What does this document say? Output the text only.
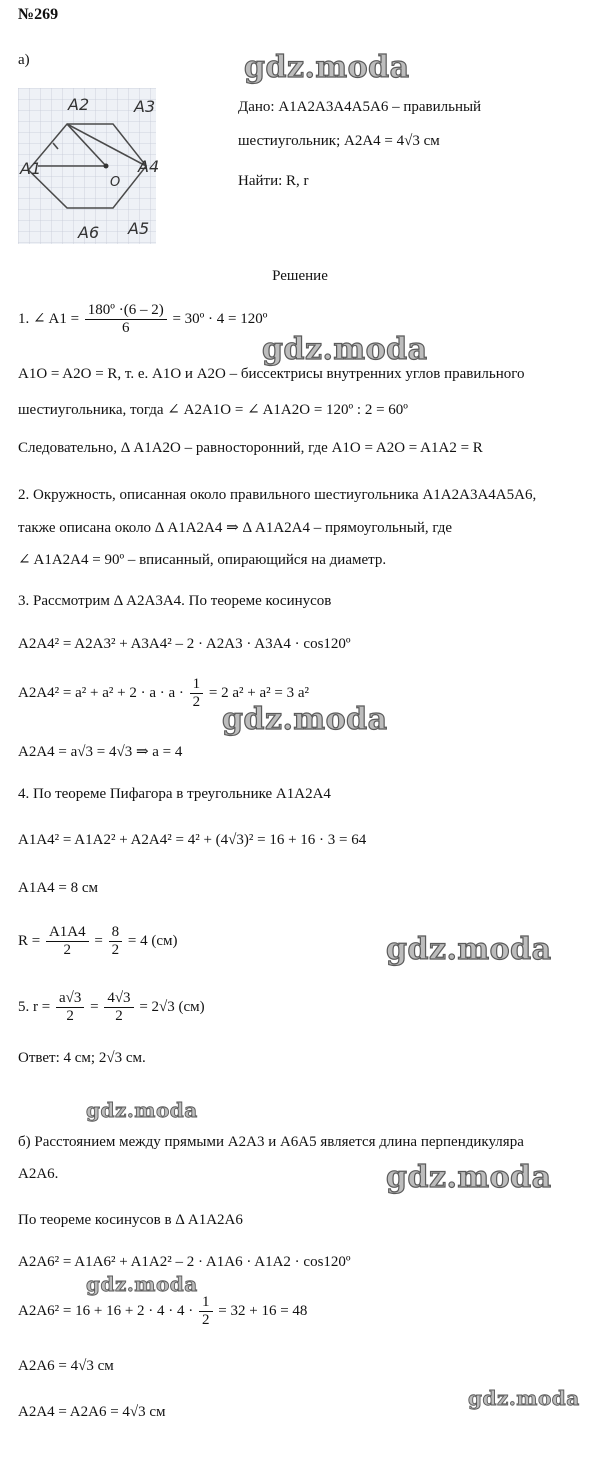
№269
а)	gdz.moda
gdz.moda
gdz.moda
gdz.moda
gdz.moda
gdz.moda
gdz.moda
gdz.moda
A2	A3
A1	A4
A6 A5
O
Дано: A1A2A3A4A5A6 – правильный
шестиугольник; A2A4 = 4√3 см
Найти: R, r
Решение
1. ∠ $A1 = \frac{\text{180º ·(6 – 2)}}{6}$ = 30º · 4 = 120º
A1O = A2O = R, т. е. A1O и A2O – биссектрисы внутренних углов правильного
шестиугольника, тогда ∠ A2A1O = ∠ A1A2O = 120º : 2 = 60º
Следовательно, Δ A1A2O – равносторонний, где A1O = A2O = A1A2 = R
2. Окружность, описанная около правильного шестиугольника A1A2A3A4A5A6,
также описана около Δ A1A2A4 ⇒ Δ A1A2A4 – прямоугольный, где
∠ A1A2A4 = 90º – вписанный, опирающийся на диаметр.
3. Рассмотрим Δ A2A3A4. По теореме косинусов
A2A4² = A2A3² + A3A4² – 2 · A2A3 · A3A4 · cos120º
$A2A4^2 = a^2 + a^2 + 2 \cdot a \cdot a \cdot \frac{1}{2} = 2$ a² + a² = 3 a²
A2A4 = a√3 = 4√3 ⇒ a = 4
4. По теореме Пифагора в треугольнике A1A2A4
A1A4² = A1A2² + A2A4² = 4² + (4√3)² = 16 + 16 · 3 = 64
A1A4 = 8 см
$R = \frac{A1A4}{2} = \frac{8}{2} = 4$ (см)
5. $r = \frac{a√3}{2} = \frac{4√3}{2} = 2√3$ (см)
Ответ: 4 см; 2√3 см.
б) Расстоянием между прямыми A2A3 и A6A5 является длина перпендикуляра
A2A6.
По теореме косинусов в Δ A1A2A6
A2A6² = A1A6² + A1A2² – 2 · A1A6 · A1A2 · cos120º
$A2A6^2 = 16 + 16 + 2 \cdot 4 \cdot 4 \cdot \frac{1}{2} = 32 + 16 = 48$
A2A6 = 4√3 см
A2A4 = A2A6 = 4√3 см
